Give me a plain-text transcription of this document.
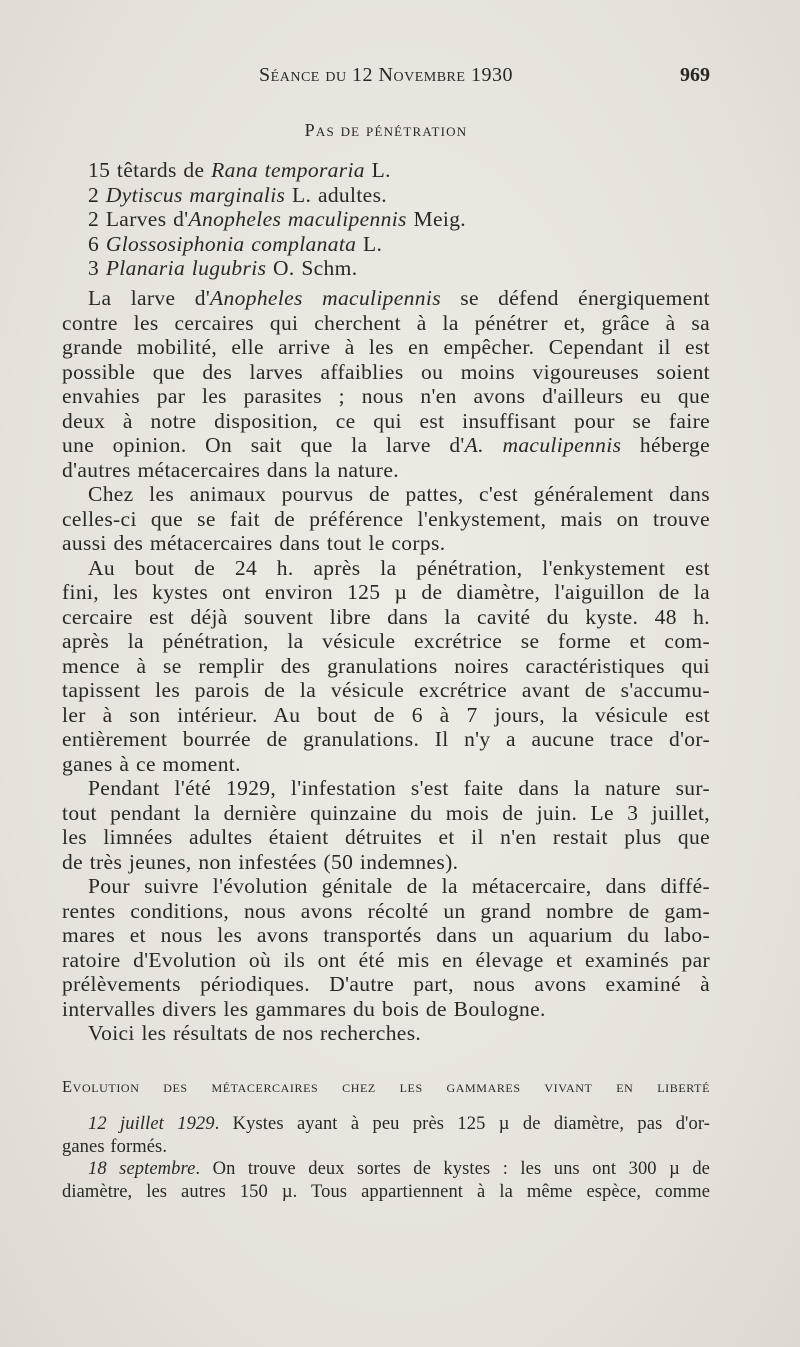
Séance du 12 Novembre 1930	969
Pas de pénétration
15 têtards de Rana temporaria L.
2 Dytiscus marginalis L. adultes.
2 Larves d'Anopheles maculipennis Meig.
6 Glossosiphonia complanata L.
3 Planaria lugubris O. Schm.
La larve d'Anopheles maculipennis se défend énergiquement
contre les cercaires qui cherchent à la pénétrer et, grâce à sa
grande mobilité, elle arrive à les en empêcher. Cependant il est
possible que des larves affaiblies ou moins vigoureuses soient
envahies par les parasites ; nous n'en avons d'ailleurs eu que
deux à notre disposition, ce qui est insuffisant pour se faire
une opinion. On sait que la larve d'A. maculipennis héberge
d'autres métacercaires dans la nature.
Chez les animaux pourvus de pattes, c'est généralement dans
celles-ci que se fait de préférence l'enkystement, mais on trouve
aussi des métacercaires dans tout le corps.
Au bout de 24 h. après la pénétration, l'enkystement est
fini, les kystes ont environ 125 µ de diamètre, l'aiguillon de la
cercaire est déjà souvent libre dans la cavité du kyste. 48 h.
après la pénétration, la vésicule excrétrice se forme et com-
mence à se remplir des granulations noires caractéristiques qui
tapissent les parois de la vésicule excrétrice avant de s'accumu-
ler à son intérieur. Au bout de 6 à 7 jours, la vésicule est
entièrement bourrée de granulations. Il n'y a aucune trace d'or-
ganes à ce moment.
Pendant l'été 1929, l'infestation s'est faite dans la nature sur-
tout pendant la dernière quinzaine du mois de juin. Le 3 juillet,
les limnées adultes étaient détruites et il n'en restait plus que
de très jeunes, non infestées (50 indemnes).
Pour suivre l'évolution génitale de la métacercaire, dans diffé-
rentes conditions, nous avons récolté un grand nombre de gam-
mares et nous les avons transportés dans un aquarium du labo-
ratoire d'Evolution où ils ont été mis en élevage et examinés par
prélèvements périodiques. D'autre part, nous avons examiné à
intervalles divers les gammares du bois de Boulogne.
Voici les résultats de nos recherches.
Evolution des métacercaires chez les gammares vivant en liberté
12 juillet 1929. Kystes ayant à peu près 125 µ de diamètre, pas d'or-
ganes formés.
18 septembre. On trouve deux sortes de kystes : les uns ont 300 µ de
diamètre, les autres 150 µ. Tous appartiennent à la même espèce, comme
